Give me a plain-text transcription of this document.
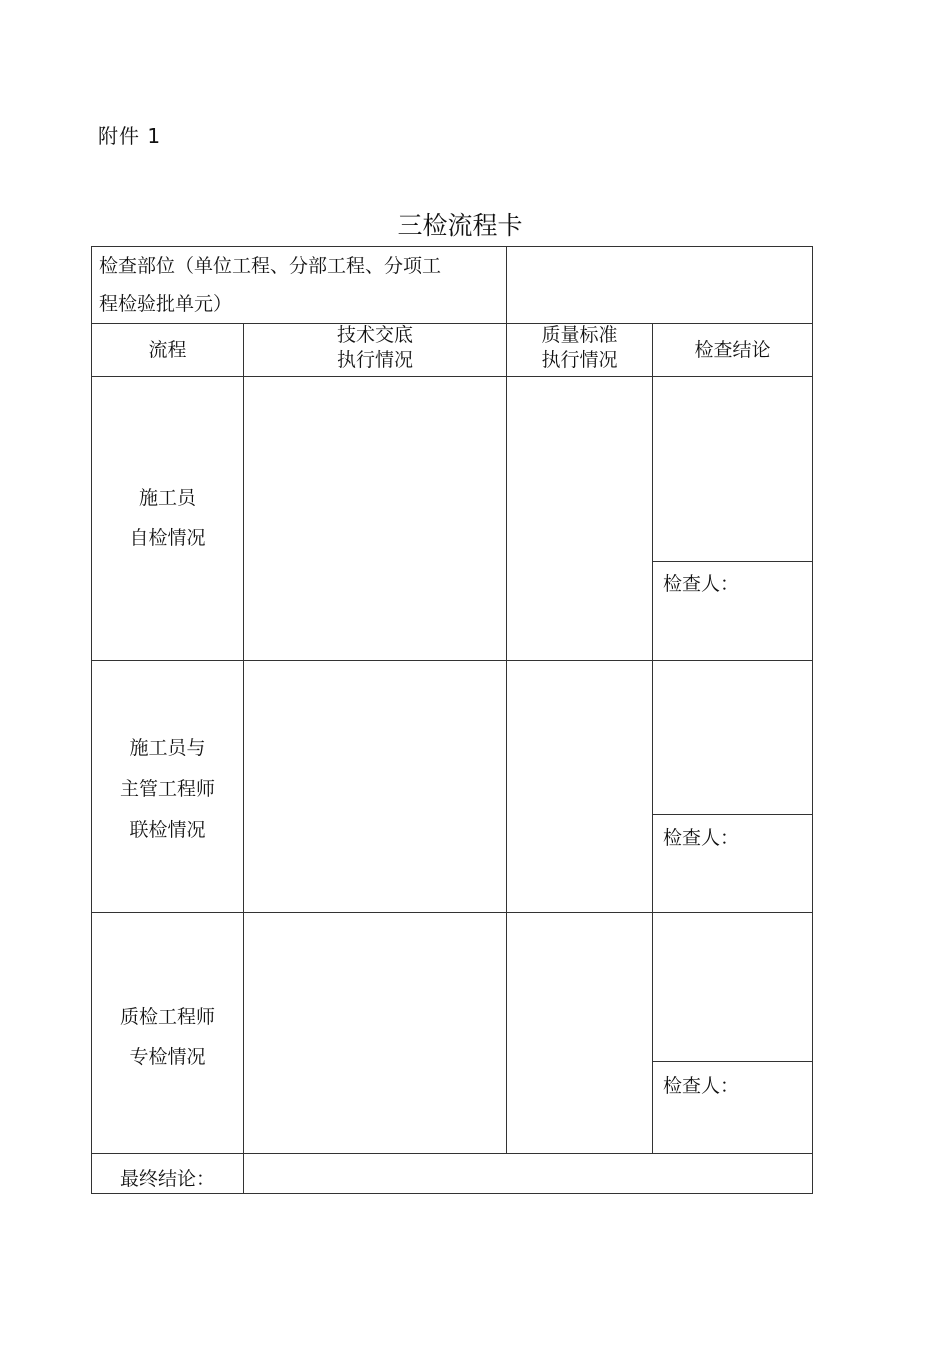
附件 1
三检流程卡
检查部位（单位工程、分部工程、分项工
程检验批单元）
流程
技术交底
执行情况
质量标准
执行情况	检查结论
施工员
自检情况
检查人：
施工员与
主管工程师
联检情况	检查人：
质检工程师
专检情况
检查人：
最终结论：
